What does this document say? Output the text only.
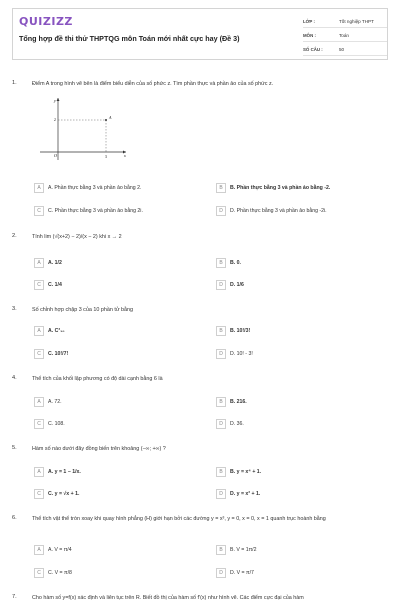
QUIZIZZ
Tổng hợp đề thi thử THPTQG môn Toán mới nhất cực hay (Đề 3)
LỚP :	Tốt nghiệp THPT
MÔN :	Toán
SỐ CÂU :	50
1.	Điểm A trong hình vẽ bên là điểm biểu diễn của số phức z. Tìm phần thực và phần ảo của số phức z.
A
y
x
O	3
2
A	A. Phần thực bằng 3 và phần ảo bằng 2.	B	B. Phần thực bằng 3 và phần ảo bằng -2.
C	C. Phần thực bằng 3 và phần ảo bằng 2i.	D	D. Phần thực bằng 3 và phần ảo bằng -2i.
2.	Tính lim (√(x+2) − 2)/(x − 2) khi x → 2
A	A. 1/2	B	B. 0.
C	C. 1/4	D	D. 1/6
3.	Số chỉnh hợp chập 3 của 10 phần tử bằng
A	A. C³₁₀	B	B. 10!/3!
C	C. 10!/7!	D	D. 10! - 3!
4.	Thể tích của khối lập phương có độ dài cạnh bằng 6 là
A	A. 72.	B	B. 216.
C	C. 108.	D	D. 36.
5.	Hàm số nào dưới đây đồng biến trên khoảng (−∞; +∞) ?
A	A. y = 1 − 1/x.	B	B. y = x⁴ + 1.
C	C. y = √x + 1.	D	D. y = x³ + 1.
6.	Thể tích vật thể tròn xoay khi quay hình phẳng (H) giới hạn bởi các đường y = x³, y = 0, x = 0, x = 1 quanh trục hoành bằng
A	A. V = π/4	B	B. V = 1π/2
C	C. V = π/8	D	D. V = π/7
7.	Cho hàm số y=f(x) xác định và liên tục trên R. Biết đồ thị của hàm số f'(x) như hình vẽ. Các điểm cực đại của hàm
